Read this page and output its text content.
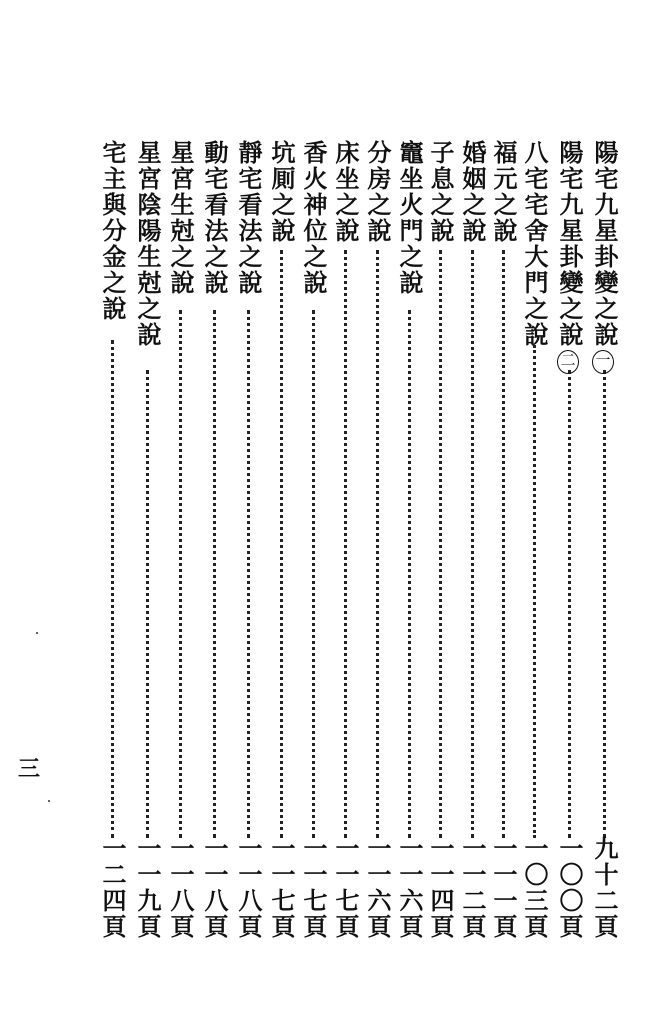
陽宅九星卦變之說
九十二頁
一
陽宅九星卦變之說
一〇〇頁
二
八宅宅舍大門之說
一〇三頁
福元之說
一一一頁
婚姻之說
一一二頁
子息之說
一一四頁
竈坐火門之說
一一六頁
分房之說
一一六頁
床坐之說
一一七頁
香火神位之說
一一七頁
坑厠之說
一一七頁
靜宅看法之說
一一八頁
動宅看法之說
一一八頁
星宮生尅之說
一一八頁
星宮陰陽生尅之說
一一九頁
宅主與分金之說
一二四頁
三
